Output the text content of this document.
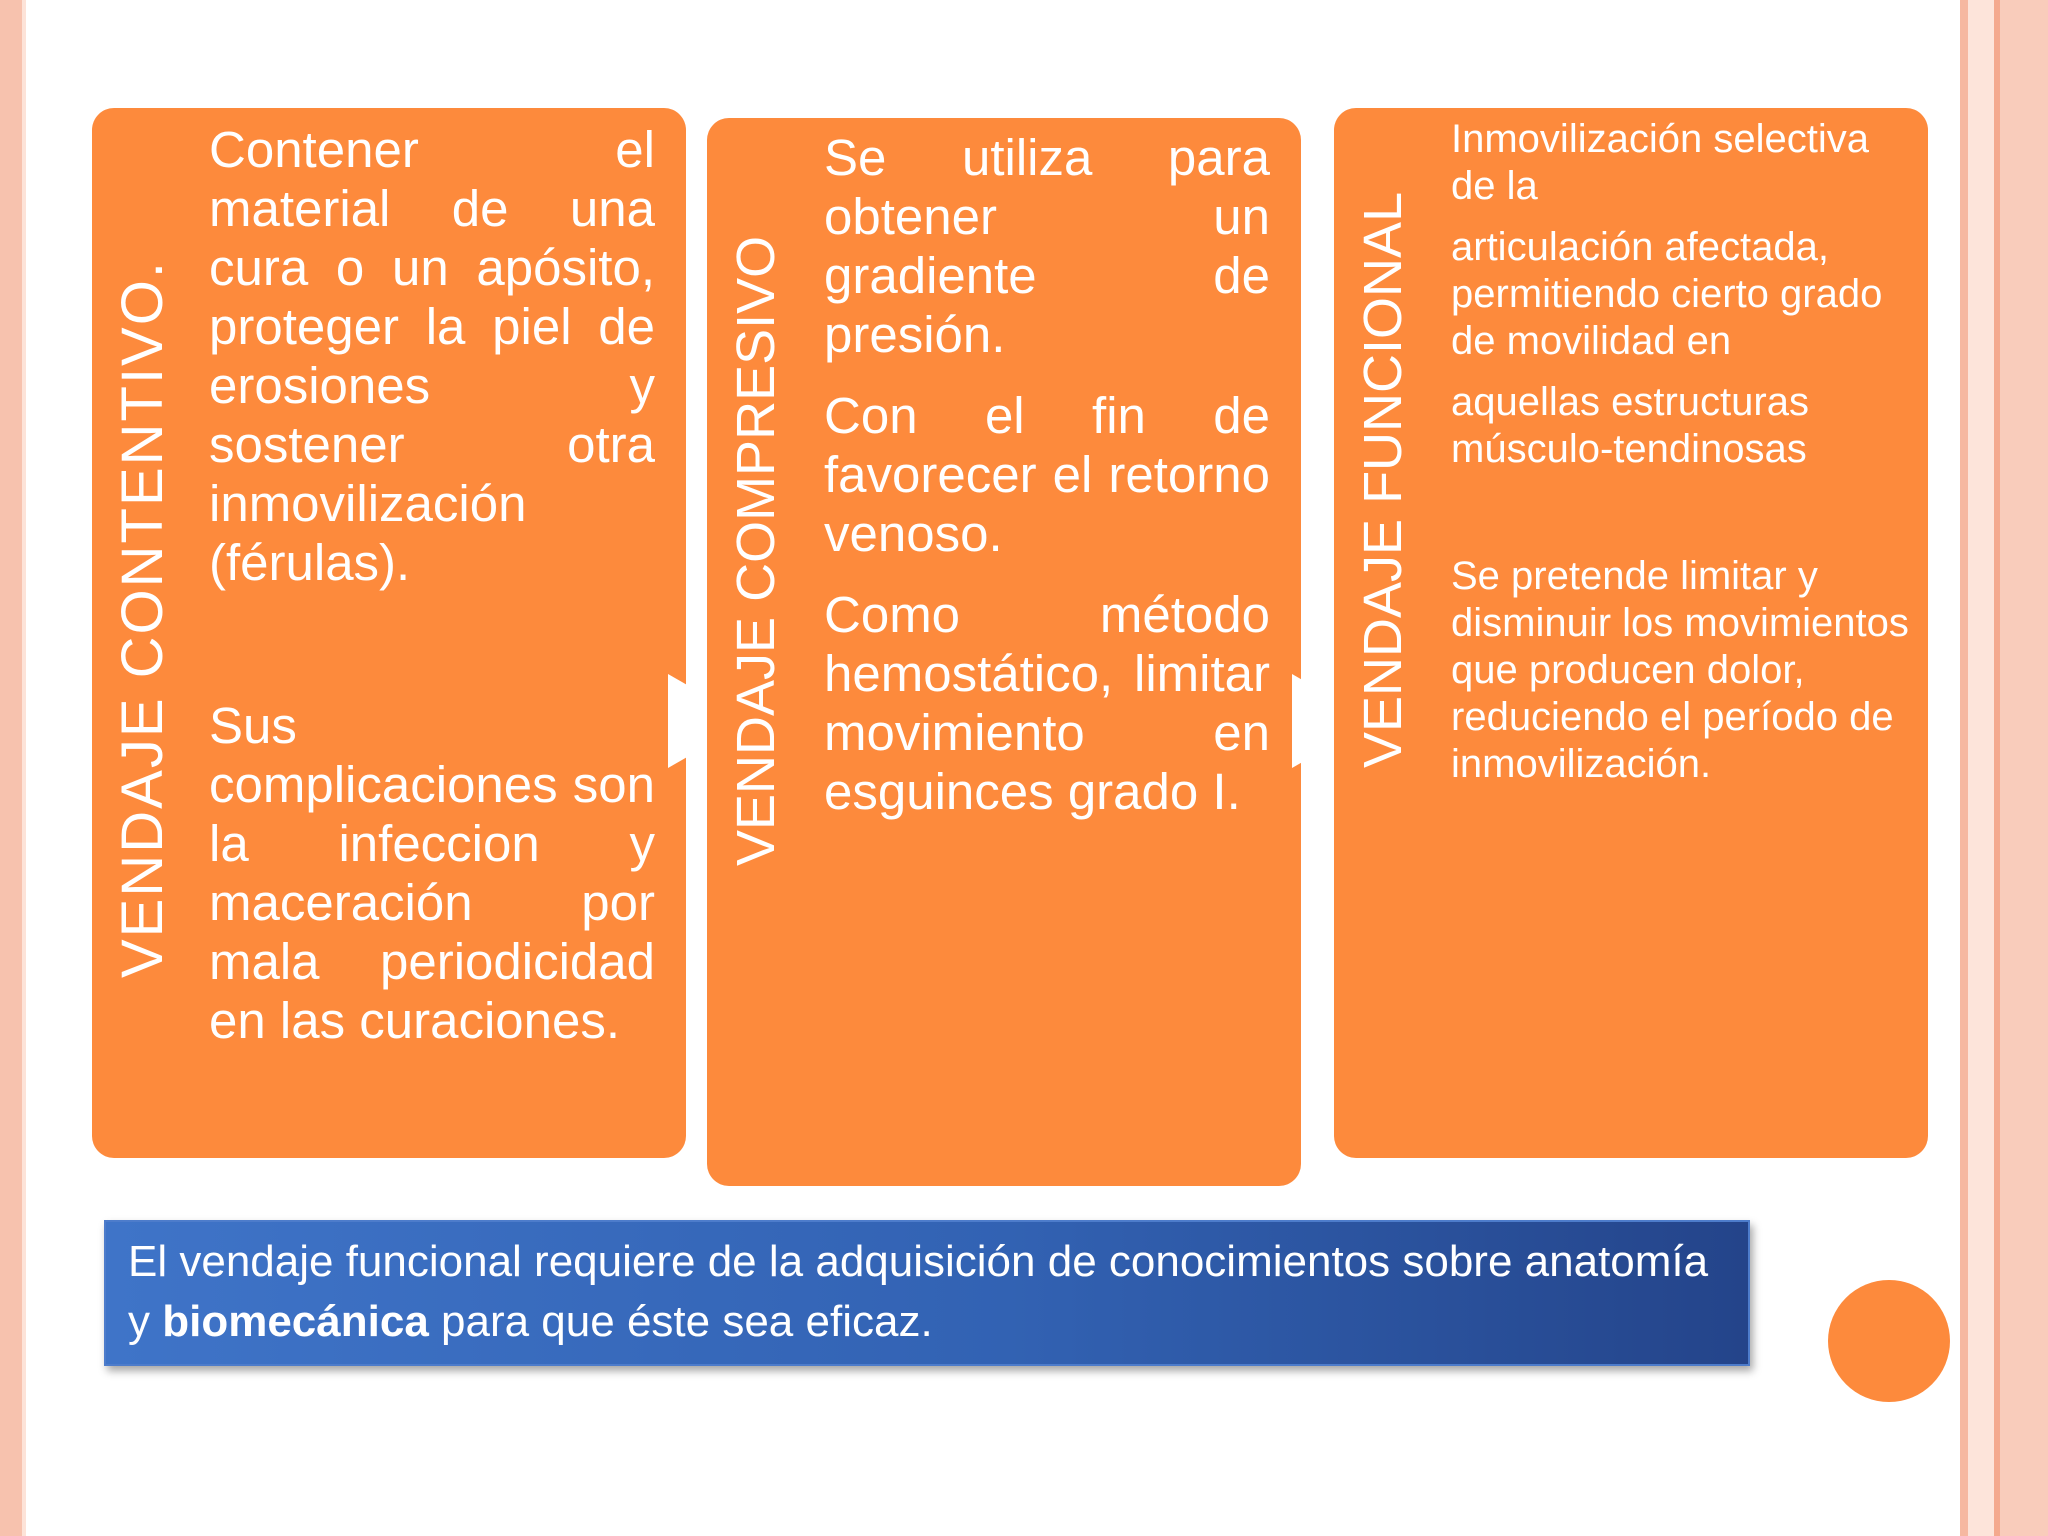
VENDAJE CONTENTIVO.

Contener el material de una cura o un apósito, proteger la piel de erosiones y sostener otra inmovilización (férulas).

Sus complicaciones son la infeccion y maceración por mala periodicidad en las curaciones.

VENDAJE COMPRESIVO

Se utiliza para obtener un gradiente de presión.

Con el fin de favorecer el retorno venoso.

Como método hemostático, limitar movimiento en esguinces grado I.

VENDAJE FUNCIONAL

Inmovilización selectiva de la

articulación afectada, permitiendo cierto grado de movilidad en

aquellas estructuras músculo-tendinosas

Se pretende limitar y disminuir los movimientos que producen dolor, reduciendo el período de inmovilización.

El vendaje funcional requiere de la adquisición de conocimientos sobre anatomía y biomecánica para que éste sea eficaz.
